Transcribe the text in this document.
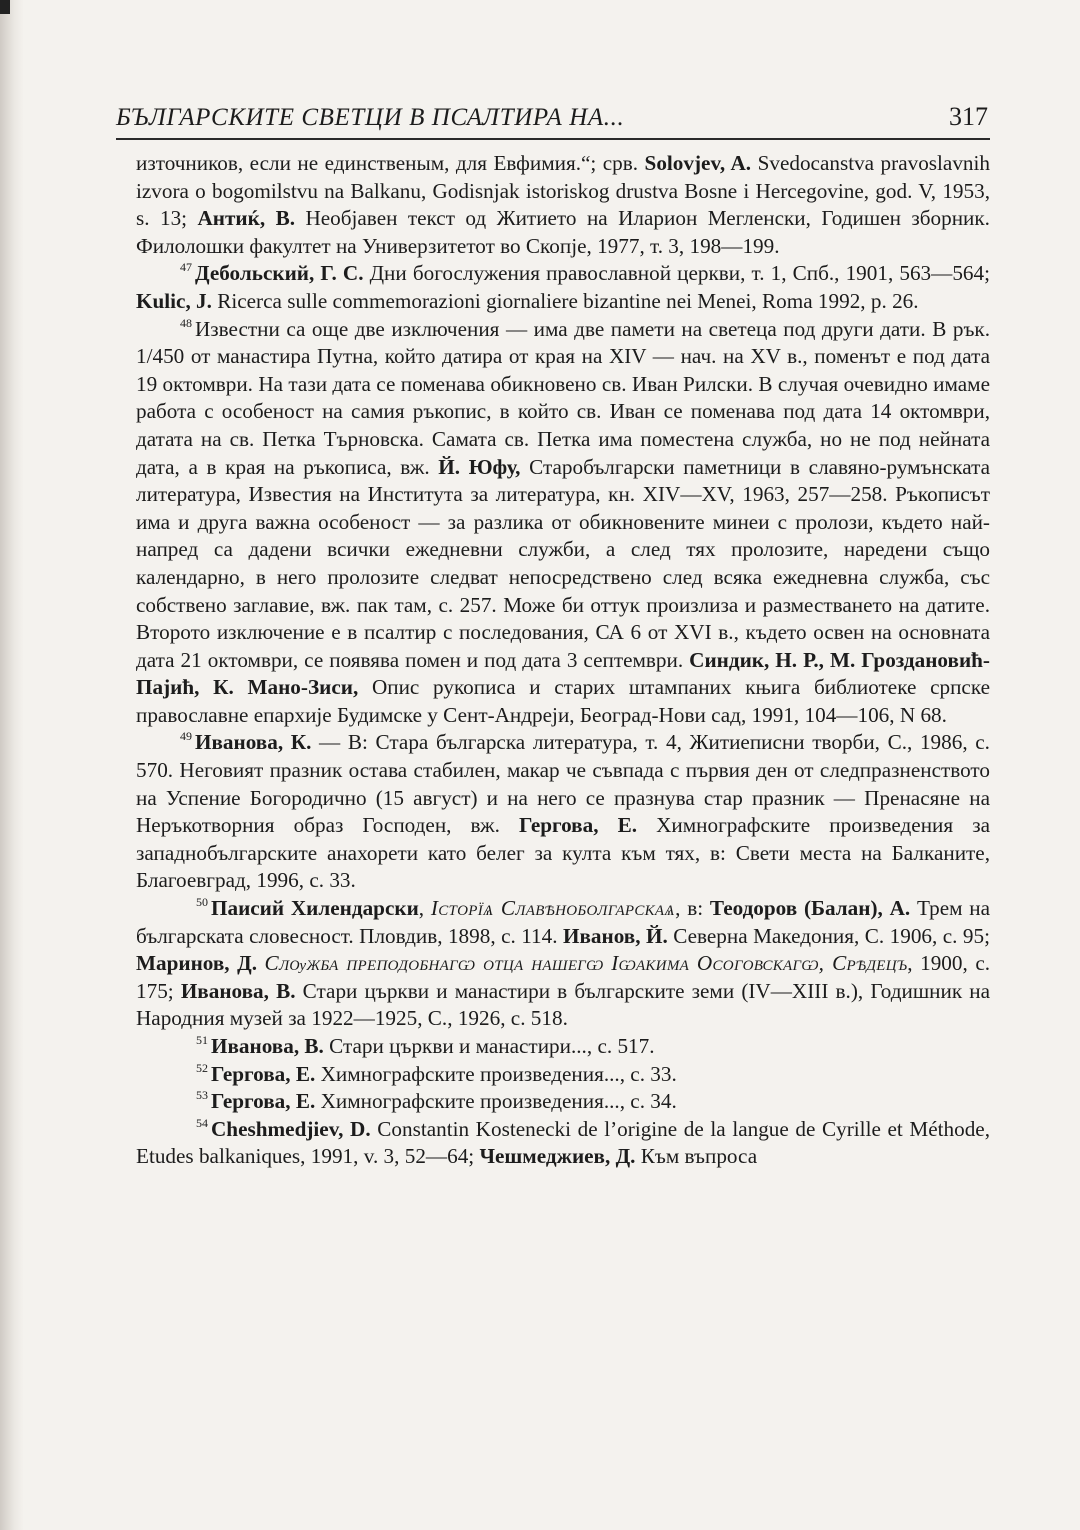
БЪЛГАРСКИТЕ СВЕТЦИ В ПСАЛТИРА НА...	317

източников, если не единственым, для Евфимия.“; срв. Solovjev, A. Svedocanstva pravoslavnih izvora o bogomilstvu na Balkanu, Godisnjak istoriskog drustva Bosne i Hercegovine, god. V, 1953, s. 13; Антиќ, В. Необјавен текст од Житието на Иларион Мегленски, Годишен зборник. Филолошки факултет на Универзитетот во Скопје, 1977, т. 3, 198—199.

$^{47}$ Дебольский, Г. С. Дни богослужения православной церкви, т. 1, Спб., 1901, 563—564; Kulic, J. Ricerca sulle commemorazioni giornaliere bizantine nei Menei, Roma 1992, p. 26.

$^{48}$ Известни са още две изключения — има две памети на светеца под други дати. В рък. 1/450 от манастира Путна, който датира от края на XIV — нач. на XV в., поменът е под дата 19 октомври. На тази дата се поменава обикновено св. Иван Рилски. В случая очевидно имаме работа с особеност на самия ръкопис, в който св. Иван се поменава под дата 14 октомври, датата на св. Петка Търновска. Самата св. Петка има поместена служба, но не под нейната дата, а в края на ръкописа, вж. Й. Юфу, Старобългарски паметници в славяно-румънската литература, Известия на Института за литература, кн. XIV—XV, 1963, 257—258. Ръкописът има и друга важна особеност — за разлика от обикновените минеи с пролози, където най-напред са дадени всички ежедневни служби, а след тях пролозите, наредени също календарно, в него пролозите следват непосредствено след всяка ежедневна служба, със собствено заглавие, вж. пак там, с. 257. Може би оттук произлиза и разместването на датите. Второто изключение е в псалтир с последования, СА 6 от XVI в., където освен на основната дата 21 октомври, се появява помен и под дата 3 септември. Синдик, Н. Р., М. Гроздановић-Пајић, К. Мано-Зиси, Опис рукописа и старих штампаних књига библиотеке српске православне епархије Будимске у Сент-Андреји, Београд-Нови сад, 1991, 104—106, N 68.

$^{49}$ Иванова, К. — В: Стара българска литература, т. 4, Житиеписни творби, С., 1986, с. 570. Неговият празник остава стабилен, макар че съвпада с първия ден от следпразненството на Успение Богородично (15 август) и на него се празнува стар празник — Пренасяне на Неръкотворния образ Господен, вж. Гергова, Е. Химнографските произведения за западнобългарските анахорети като белег за култа към тях, в: Свети места на Балканите, Благоевград, 1996, с. 33.

$^{50}$ Паисий Хилендарски, Історїѧ Славѣноболгарскаѧ, в: Теодоров (Балан), А. Трем на българската словесност. Пловдив, 1898, с. 114. Иванов, Й. Северна Македония, С. 1906, с. 95; Маринов, Д. Слѹжба преподобнагѡ отца нашегѡ Іѡакима Осоговскагѡ, Срѣдецъ, 1900, с. 175; Иванова, В. Стари църкви и манастири в българските земи (IV—XIII в.), Годишник на Народния музей за 1922—1925, С., 1926, с. 518.

$^{51}$ Иванова, В. Стари църкви и манастири..., с. 517.

$^{52}$ Гергова, Е. Химнографските произведения..., с. 33.

$^{53}$ Гергова, Е. Химнографските произведения..., с. 34.

$^{54}$ Cheshmedjiev, D. Constantin Kostenecki de l’origine de la langue de Cyrille et Méthode, Etudes balkaniques, 1991, v. 3, 52—64; Чешмеджиев, Д. Към въпроса
